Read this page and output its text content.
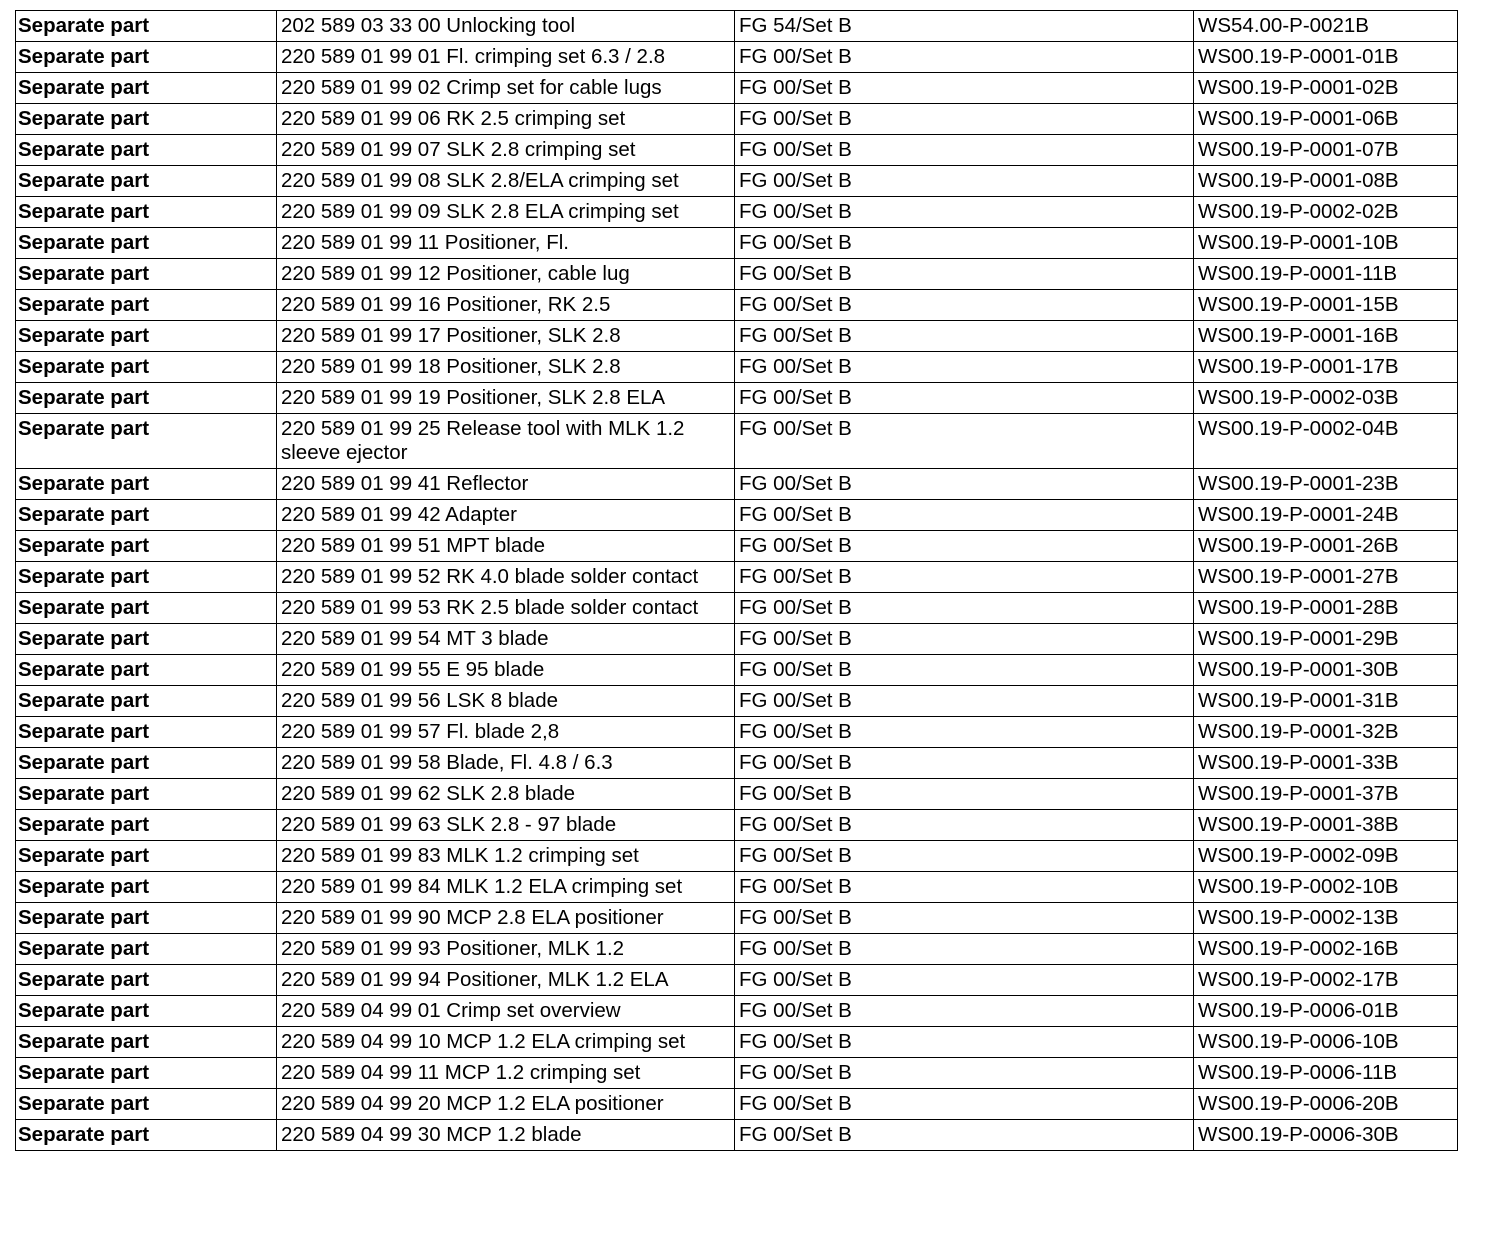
Separate part	202 589 03 33 00 Unlocking tool	FG 54/Set B	WS54.00-P-0021B
Separate part	220 589 01 99 01 Fl. crimping set 6.3 / 2.8	FG 00/Set B	WS00.19-P-0001-01B
Separate part	220 589 01 99 02 Crimp set for cable lugs	FG 00/Set B	WS00.19-P-0001-02B
Separate part	220 589 01 99 06 RK 2.5 crimping set	FG 00/Set B	WS00.19-P-0001-06B
Separate part	220 589 01 99 07 SLK 2.8 crimping set	FG 00/Set B	WS00.19-P-0001-07B
Separate part	220 589 01 99 08 SLK 2.8/ELA crimping set	FG 00/Set B	WS00.19-P-0001-08B
Separate part	220 589 01 99 09 SLK 2.8 ELA crimping set	FG 00/Set B	WS00.19-P-0002-02B
Separate part	220 589 01 99 11 Positioner, Fl.	FG 00/Set B	WS00.19-P-0001-10B
Separate part	220 589 01 99 12 Positioner, cable lug	FG 00/Set B	WS00.19-P-0001-11B
Separate part	220 589 01 99 16 Positioner, RK 2.5	FG 00/Set B	WS00.19-P-0001-15B
Separate part	220 589 01 99 17 Positioner, SLK 2.8	FG 00/Set B	WS00.19-P-0001-16B
Separate part	220 589 01 99 18 Positioner, SLK 2.8	FG 00/Set B	WS00.19-P-0001-17B
Separate part	220 589 01 99 19 Positioner, SLK 2.8 ELA	FG 00/Set B	WS00.19-P-0002-03B
Separate part	220 589 01 99 25 Release tool with MLK 1.2 sleeve ejector	FG 00/Set B	WS00.19-P-0002-04B
Separate part	220 589 01 99 41 Reflector	FG 00/Set B	WS00.19-P-0001-23B
Separate part	220 589 01 99 42 Adapter	FG 00/Set B	WS00.19-P-0001-24B
Separate part	220 589 01 99 51 MPT blade	FG 00/Set B	WS00.19-P-0001-26B
Separate part	220 589 01 99 52 RK 4.0 blade solder contact	FG 00/Set B	WS00.19-P-0001-27B
Separate part	220 589 01 99 53 RK 2.5 blade solder contact	FG 00/Set B	WS00.19-P-0001-28B
Separate part	220 589 01 99 54 MT 3 blade	FG 00/Set B	WS00.19-P-0001-29B
Separate part	220 589 01 99 55 E 95 blade	FG 00/Set B	WS00.19-P-0001-30B
Separate part	220 589 01 99 56 LSK 8 blade	FG 00/Set B	WS00.19-P-0001-31B
Separate part	220 589 01 99 57 Fl. blade 2,8	FG 00/Set B	WS00.19-P-0001-32B
Separate part	220 589 01 99 58 Blade, Fl. 4.8 / 6.3	FG 00/Set B	WS00.19-P-0001-33B
Separate part	220 589 01 99 62 SLK 2.8 blade	FG 00/Set B	WS00.19-P-0001-37B
Separate part	220 589 01 99 63 SLK 2.8 - 97 blade	FG 00/Set B	WS00.19-P-0001-38B
Separate part	220 589 01 99 83 MLK 1.2 crimping set	FG 00/Set B	WS00.19-P-0002-09B
Separate part	220 589 01 99 84 MLK 1.2 ELA crimping set	FG 00/Set B	WS00.19-P-0002-10B
Separate part	220 589 01 99 90 MCP 2.8 ELA positioner	FG 00/Set B	WS00.19-P-0002-13B
Separate part	220 589 01 99 93 Positioner, MLK 1.2	FG 00/Set B	WS00.19-P-0002-16B
Separate part	220 589 01 99 94 Positioner, MLK 1.2 ELA	FG 00/Set B	WS00.19-P-0002-17B
Separate part	220 589 04 99 01 Crimp set overview	FG 00/Set B	WS00.19-P-0006-01B
Separate part	220 589 04 99 10 MCP 1.2 ELA crimping set	FG 00/Set B	WS00.19-P-0006-10B
Separate part	220 589 04 99 11 MCP 1.2 crimping set	FG 00/Set B	WS00.19-P-0006-11B
Separate part	220 589 04 99 20 MCP 1.2 ELA positioner	FG 00/Set B	WS00.19-P-0006-20B
Separate part	220 589 04 99 30 MCP 1.2 blade	FG 00/Set B	WS00.19-P-0006-30B
